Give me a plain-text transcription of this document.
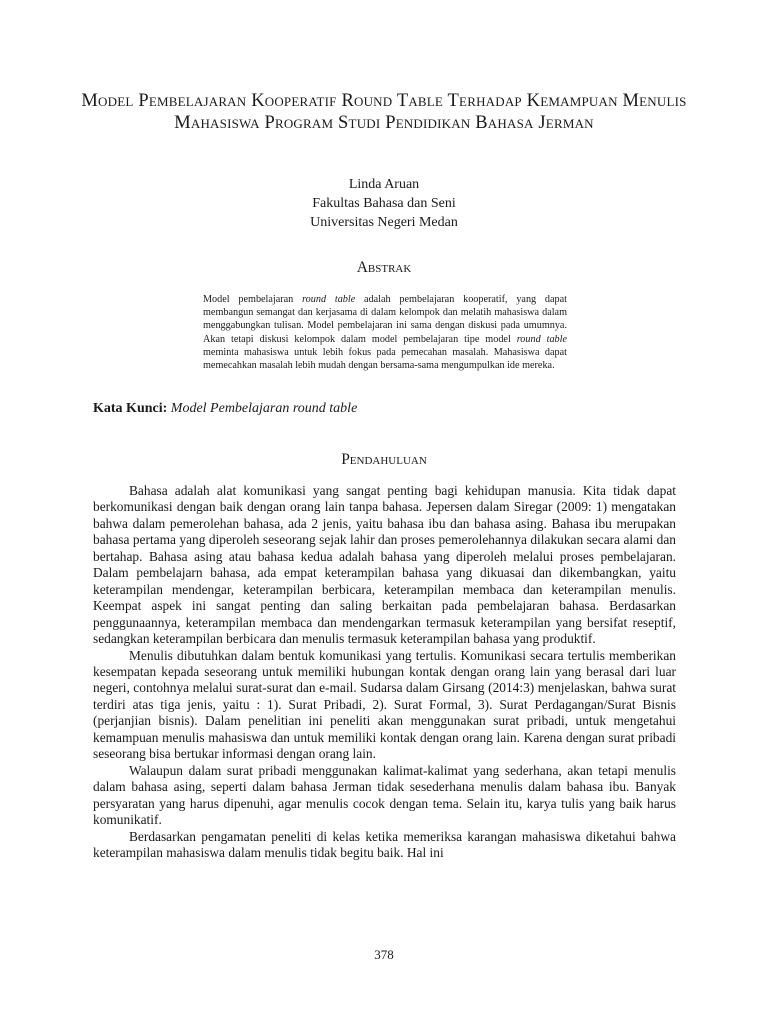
Model Pembelajaran Kooperatif Round Table Terhadap Kemampuan Menulis Mahasiswa Program Studi Pendidikan Bahasa Jerman
Linda Aruan
Fakultas Bahasa dan Seni
Universitas Negeri Medan
Abstrak

Model pembelajaran round table adalah pembelajaran kooperatif, yang dapat membangun semangat dan kerjasama di dalam kelompok dan melatih mahasiswa dalam menggabungkan tulisan. Model pembelajaran ini sama dengan diskusi pada umumnya. Akan tetapi diskusi kelompok dalam model pembelajaran tipe model round table meminta mahasiswa untuk lebih fokus pada pemecahan masalah. Mahasiswa dapat memecahkan masalah lebih mudah dengan bersama-sama mengumpulkan ide mereka.

Kata Kunci: Model Pembelajaran round table

Pendahuluan

Bahasa adalah alat komunikasi yang sangat penting bagi kehidupan manusia. Kita tidak dapat berkomunikasi dengan baik dengan orang lain tanpa bahasa. Jepersen dalam Siregar (2009: 1) mengatakan bahwa dalam pemerolehan bahasa, ada 2 jenis, yaitu bahasa ibu dan bahasa asing. Bahasa ibu merupakan bahasa pertama yang diperoleh seseorang sejak lahir dan proses pemerolehannya dilakukan secara alami dan bertahap. Bahasa asing atau bahasa kedua adalah bahasa yang diperoleh melalui proses pembelajaran. Dalam pembelajarn bahasa, ada empat keterampilan bahasa yang dikuasai dan dikembangkan, yaitu keterampilan mendengar, keterampilan berbicara, keterampilan membaca dan keterampilan menulis. Keempat aspek ini sangat penting dan saling berkaitan pada pembelajaran bahasa. Berdasarkan penggunaannya, keterampilan membaca dan mendengarkan termasuk keterampilan yang bersifat reseptif, sedangkan keterampilan berbicara dan menulis termasuk keterampilan bahasa yang produktif.

Menulis dibutuhkan dalam bentuk komunikasi yang tertulis. Komunikasi secara tertulis memberikan kesempatan kepada seseorang untuk memiliki hubungan kontak dengan orang lain yang berasal dari luar negeri, contohnya melalui surat-surat dan e-mail. Sudarsa dalam Girsang (2014:3) menjelaskan, bahwa surat terdiri atas tiga jenis, yaitu : 1). Surat Pribadi, 2). Surat Formal, 3). Surat Perdagangan/Surat Bisnis (perjanjian bisnis). Dalam penelitian ini peneliti akan menggunakan surat pribadi, untuk mengetahui kemampuan menulis mahasiswa dan untuk memiliki kontak dengan orang lain. Karena dengan surat pribadi seseorang bisa bertukar informasi dengan orang lain.

Walaupun dalam surat pribadi menggunakan kalimat-kalimat yang sederhana, akan tetapi menulis dalam bahasa asing, seperti dalam bahasa Jerman tidak sesederhana menulis dalam bahasa ibu. Banyak persyaratan yang harus dipenuhi, agar menulis cocok dengan tema. Selain itu, karya tulis yang baik harus komunikatif.

Berdasarkan pengamatan peneliti di kelas ketika memeriksa karangan mahasiswa diketahui bahwa keterampilan mahasiswa dalam menulis tidak begitu baik. Hal ini

378
